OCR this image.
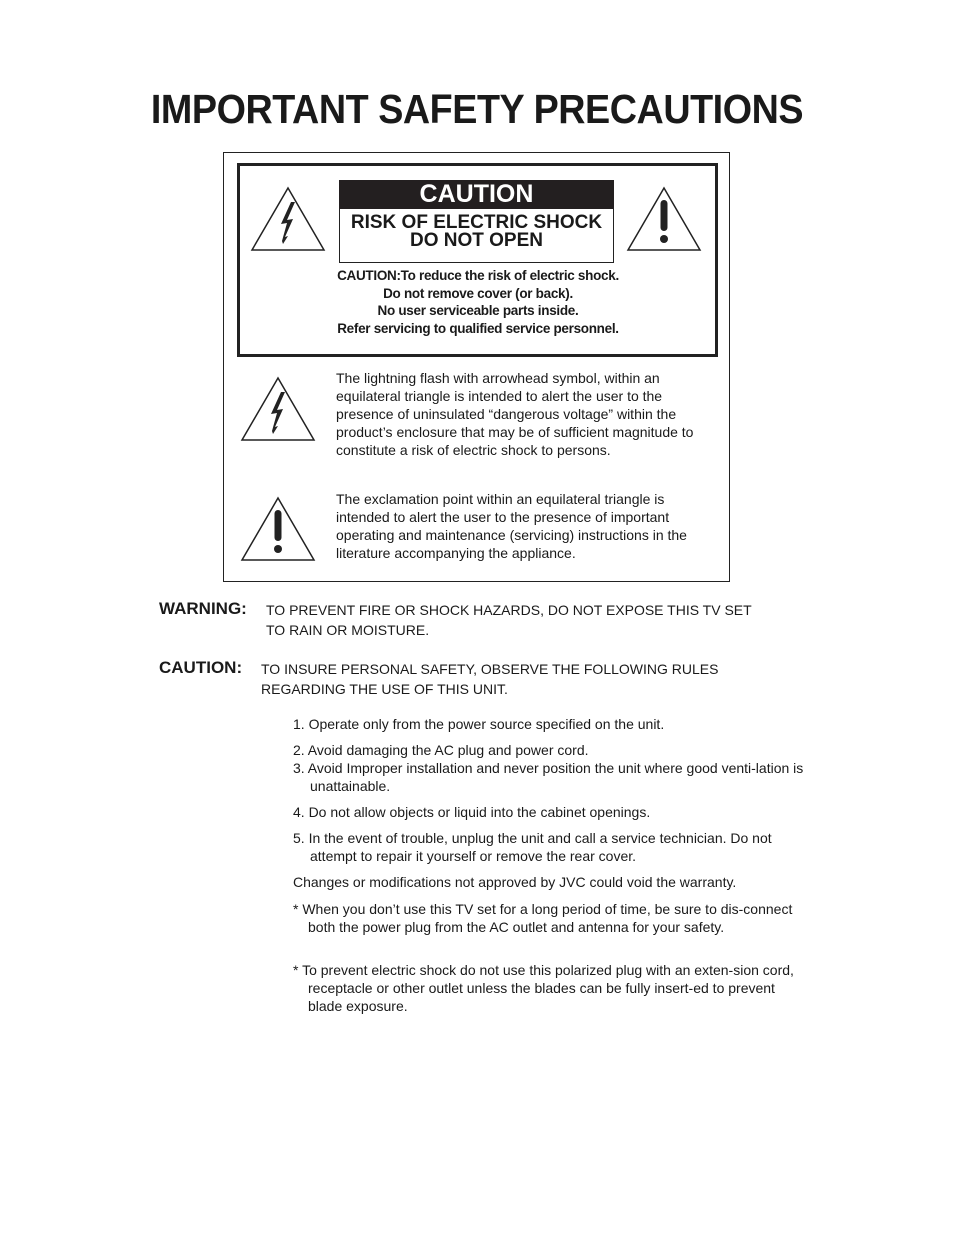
IMPORTANT SAFETY PRECAUTIONS
CAUTION
RISK OF ELECTRIC SHOCK
DO NOT OPEN
CAUTION:To reduce the risk of electric shock.
Do not remove cover (or back).
No user serviceable parts inside.
Refer servicing to qualified service personnel.
The lightning flash with arrowhead symbol, within an equilateral triangle is intended to alert the user to the presence of uninsulated “dangerous voltage” within the product’s enclosure that may be of sufficient magnitude to constitute a risk of electric shock to persons.
The exclamation point within an equilateral triangle is intended to alert the user to the presence of important operating and maintenance (servicing) instructions in the literature accompanying the appliance.
WARNING: TO PREVENT FIRE OR SHOCK HAZARDS, DO NOT EXPOSE THIS TV SET
TO RAIN OR MOISTURE.
CAUTION: TO INSURE PERSONAL SAFETY, OBSERVE THE FOLLOWING RULES
REGARDING THE USE OF THIS UNIT.
1. Operate only from the power source specified on the unit.
2. Avoid damaging the AC plug and power cord.
3. Avoid Improper installation and never position the unit where good venti-lation is unattainable.
4. Do not allow objects or liquid into the cabinet openings.
5. In the event of trouble, unplug the unit and call a service technician. Do not attempt to repair it yourself or remove the rear cover.
Changes or modifications not approved by JVC could void the warranty.
* When you don’t use this TV set for a long period of time, be sure to dis-connect both the power plug from the AC outlet and antenna for your safety.
* To prevent electric shock do not use this polarized plug with an exten-sion cord, receptacle or other outlet unless the blades can be fully insert-ed to prevent blade exposure.
